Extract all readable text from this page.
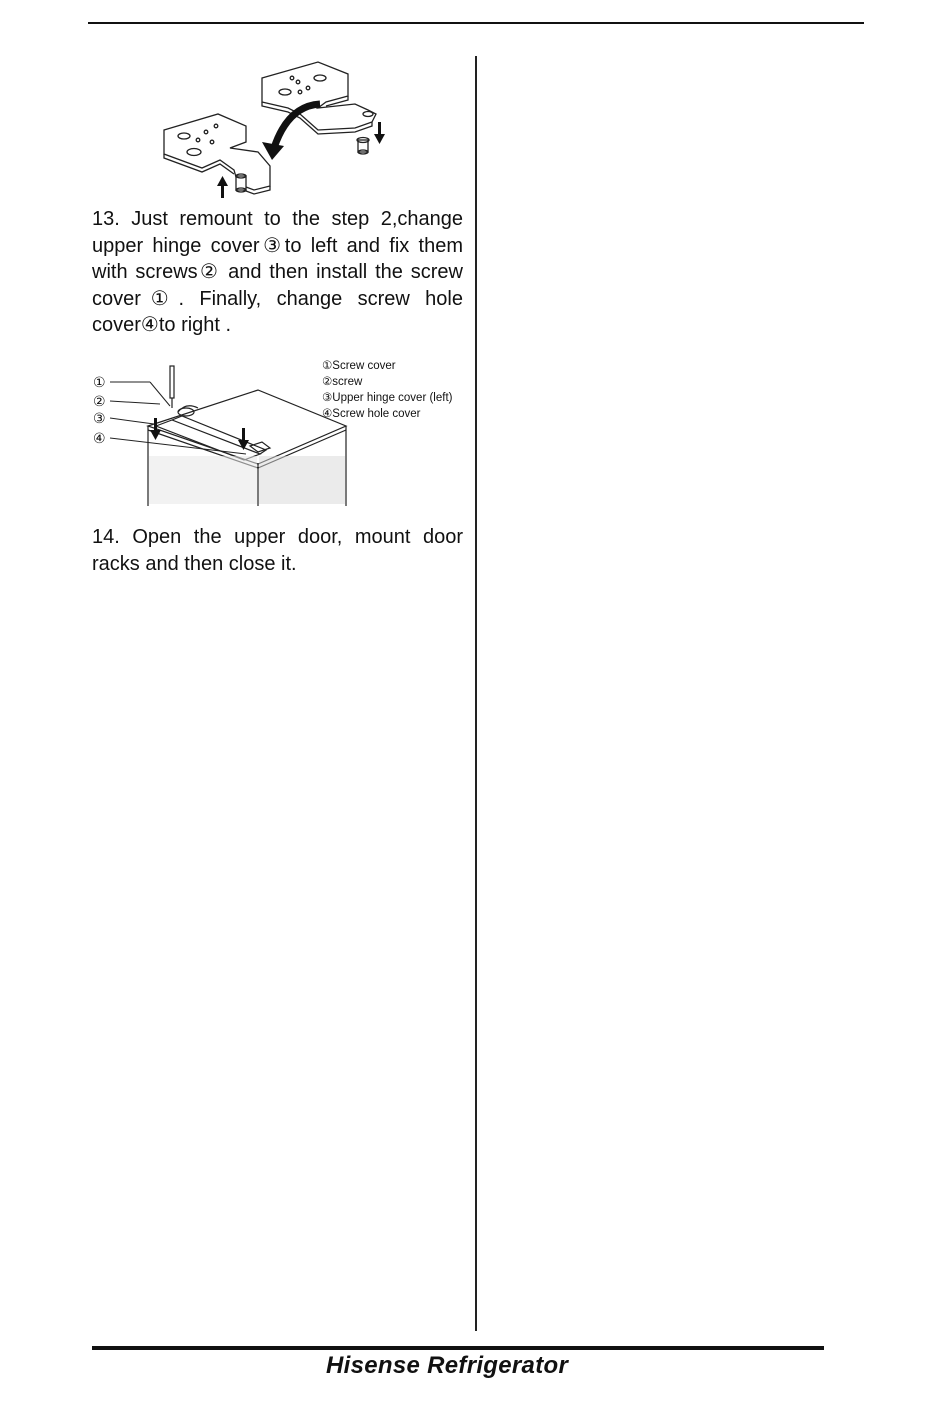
13. Just remount to the step 2,change upper hinge cover③to left and fix them with screws② and then install the screw cover①. Finally, change screw hole cover④to right .

①
②
③
④
①Screw cover
②screw
③Upper hinge cover (left)
④Screw hole cover

14. Open the upper door, mount door racks and then close it.

Hisense Refrigerator
